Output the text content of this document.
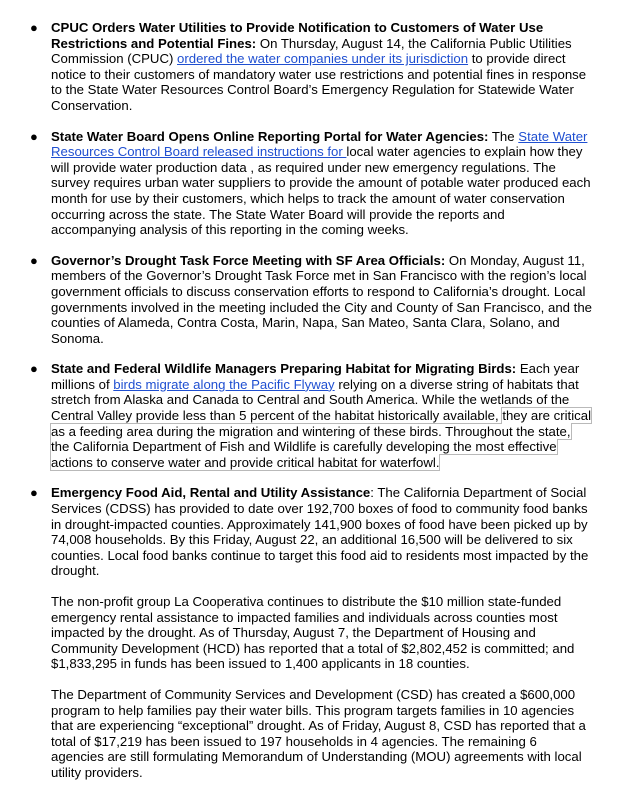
● CPUC Orders Water Utilities to Provide Notification to Customers of Water Use Restrictions and Potential Fines: On Thursday, August 14, the California Public Utilities Commission (CPUC) ordered the water companies under its jurisdiction to provide direct notice to their customers of mandatory water use restrictions and potential fines in response to the State Water Resources Control Board’s Emergency Regulation for Statewide Water Conservation.

● State Water Board Opens Online Reporting Portal for Water Agencies: The State Water Resources Control Board released instructions for local water agencies to explain how they will provide water production data , as required under new emergency regulations. The survey requires urban water suppliers to provide the amount of potable water produced each month for use by their customers, which helps to track the amount of water conservation occurring across the state. The State Water Board will provide the reports and accompanying analysis of this reporting in the coming weeks.

● Governor’s Drought Task Force Meeting with SF Area Officials: On Monday, August 11, members of the Governor’s Drought Task Force met in San Francisco with the region’s local government officials to discuss conservation efforts to respond to California’s drought. Local governments involved in the meeting included the City and County of San Francisco, and the counties of Alameda, Contra Costa, Marin, Napa, San Mateo, Santa Clara, Solano, and Sonoma.

● State and Federal Wildlife Managers Preparing Habitat for Migrating Birds: Each year millions of birds migrate along the Pacific Flyway relying on a diverse string of habitats that stretch from Alaska and Canada to Central and South America. While the wetlands of the Central Valley provide less than 5 percent of the habitat historically available, they are critical as a feeding area during the migration and wintering of these birds. Throughout the state, the California Department of Fish and Wildlife is carefully developing the most effective actions to conserve water and provide critical habitat for waterfowl.

● Emergency Food Aid, Rental and Utility Assistance: The California Department of Social Services (CDSS) has provided to date over 192,700 boxes of food to community food banks in drought-impacted counties. Approximately 141,900 boxes of food have been picked up by 74,008 households. By this Friday, August 22, an additional 16,500 will be delivered to six counties. Local food banks continue to target this food aid to residents most impacted by the drought.

The non-profit group La Cooperativa continues to distribute the $10 million state-funded emergency rental assistance to impacted families and individuals across counties most impacted by the drought. As of Thursday, August 7, the Department of Housing and Community Development (HCD) has reported that a total of $2,802,452 is committed; and $1,833,295 in funds has been issued to 1,400 applicants in 18 counties.

The Department of Community Services and Development (CSD) has created a $600,000 program to help families pay their water bills. This program targets families in 10 agencies that are experiencing “exceptional” drought. As of Friday, August 8, CSD has reported that a total of $17,219 has been issued to 197 households in 4 agencies. The remaining 6 agencies are still formulating Memorandum of Understanding (MOU) agreements with local utility providers.
